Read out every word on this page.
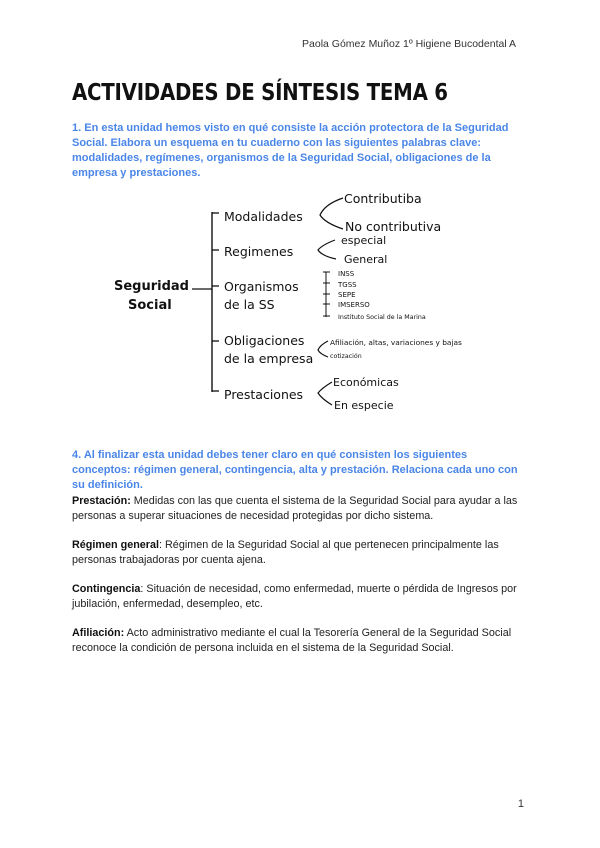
Paola Gómez Muñoz 1º Higiene Bucodental A
ACTIVIDADES DE SÍNTESIS TEMA 6
1. En esta unidad hemos visto en qué consiste la acción protectora de la Seguridad Social. Elabora un esquema en tu cuaderno con las siguientes palabras clave: modalidades, regímenes, organismos de la Seguridad Social, obligaciones de la empresa y prestaciones.
Seguridad
Social
Modalidades
Regimenes
Organismos
de la SS
Obligaciones
de la empresa
Prestaciones
Contributiba
No contributiva
especial
General
INSS
TGSS
SEPE
IMSERSO
Instituto Social de la Marina
Afiliación, altas, variaciones y bajas
cotización
Económicas
En especie
4. Al finalizar esta unidad debes tener claro en qué consisten los siguientes conceptos: régimen general, contingencia, alta y prestación. Relaciona cada uno con su definición.
Prestación: Medidas con las que cuenta el sistema de la Seguridad Social para ayudar a las personas a superar situaciones de necesidad protegidas por dicho sistema.
Régimen general: Régimen de la Seguridad Social al que pertenecen principalmente las personas trabajadoras por cuenta ajena.
Contingencia: Situación de necesidad, como enfermedad, muerte o pérdida de Ingresos por jubilación, enfermedad, desempleo, etc.
Afiliación: Acto administrativo mediante el cual la Tesorería General de la Seguridad Social reconoce la condición de persona incluida en el sistema de la Seguridad Social.
1
